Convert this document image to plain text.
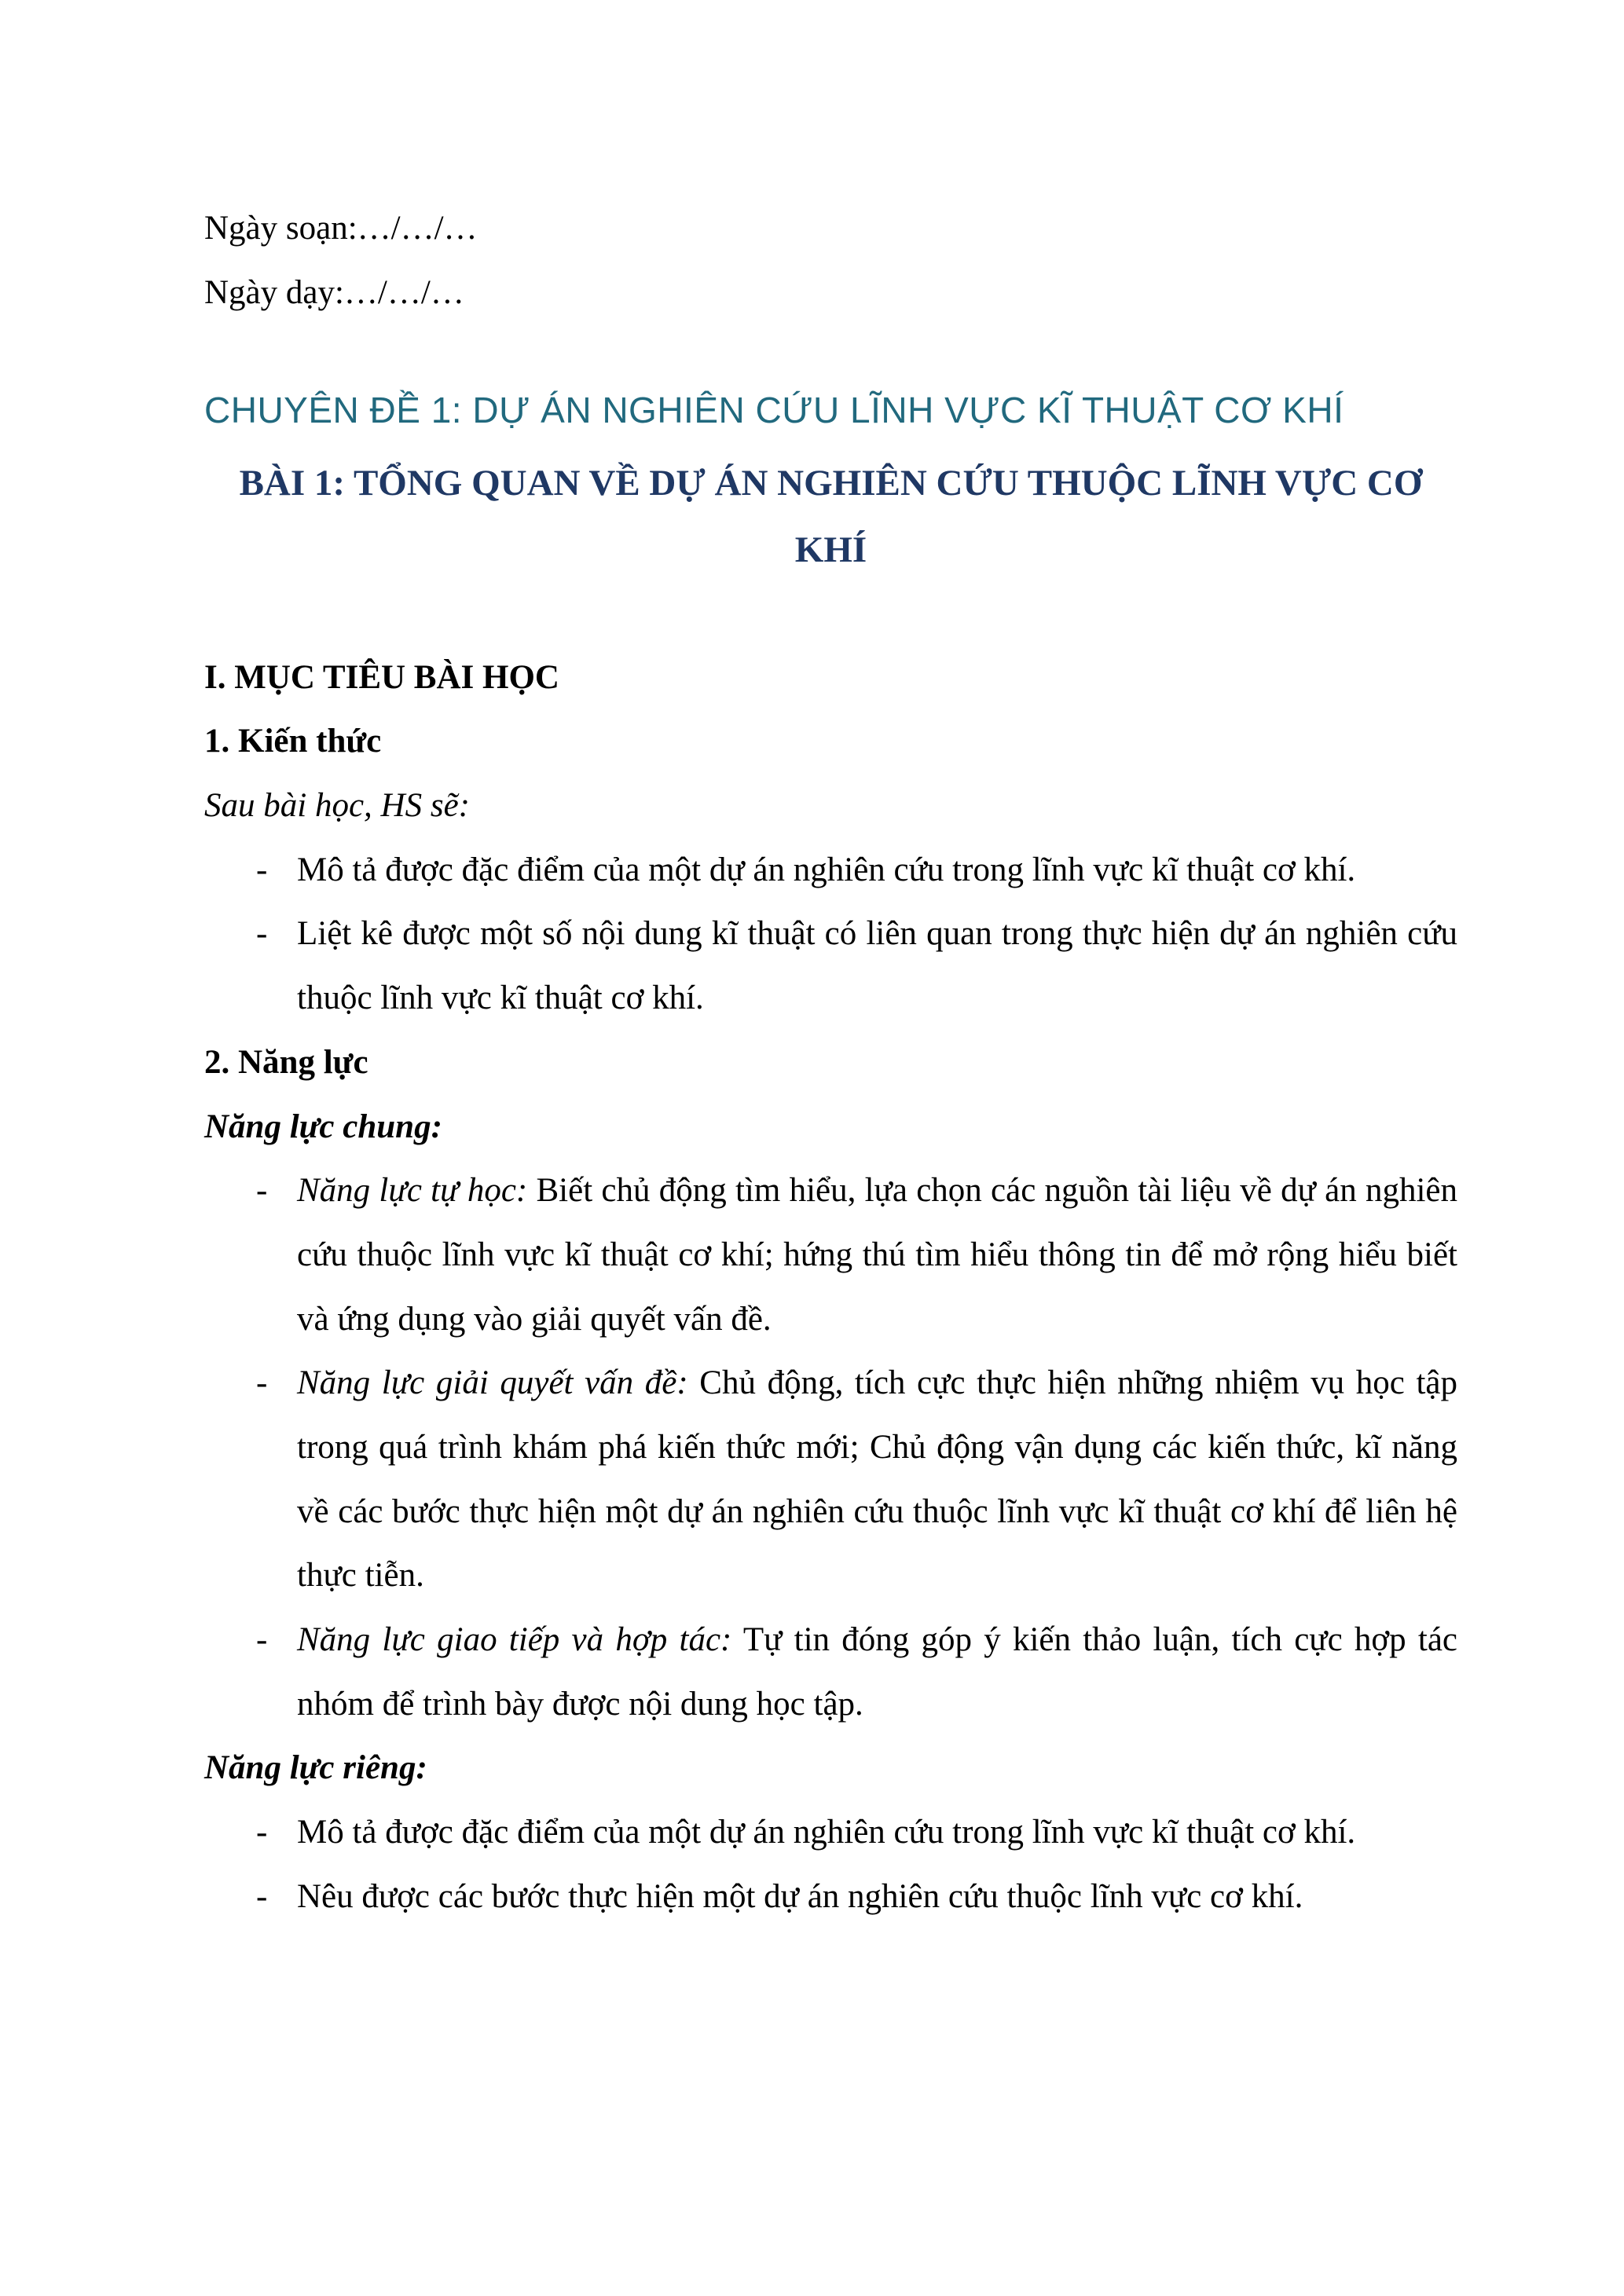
Ngày soạn:…/…/…

Ngày dạy:…/…/…

CHUYÊN ĐỀ 1: DỰ ÁN NGHIÊN CỨU LĨNH VỰC KĨ THUẬT CƠ KHÍ
BÀI 1: TỔNG QUAN VỀ DỰ ÁN NGHIÊN CỨU THUỘC LĨNH VỰC CƠ KHÍ

I. MỤC TIÊU BÀI HỌC

1. Kiến thức

Sau bài học, HS sẽ:

- Mô tả được đặc điểm của một dự án nghiên cứu trong lĩnh vực kĩ thuật cơ khí.
- Liệt kê được một số nội dung kĩ thuật có liên quan trong thực hiện dự án nghiên cứu thuộc lĩnh vực kĩ thuật cơ khí.

2. Năng lực

Năng lực chung:

- Năng lực tự học: Biết chủ động tìm hiểu, lựa chọn các nguồn tài liệu về dự án nghiên cứu thuộc lĩnh vực kĩ thuật cơ khí; hứng thú tìm hiểu thông tin để mở rộng hiểu biết và ứng dụng vào giải quyết vấn đề.
- Năng lực giải quyết vấn đề: Chủ động, tích cực thực hiện những nhiệm vụ học tập trong quá trình khám phá kiến thức mới; Chủ động vận dụng các kiến thức, kĩ năng về các bước thực hiện một dự án nghiên cứu thuộc lĩnh vực kĩ thuật cơ khí để liên hệ thực tiễn.
- Năng lực giao tiếp và hợp tác: Tự tin đóng góp ý kiến thảo luận, tích cực hợp tác nhóm để trình bày được nội dung học tập.

Năng lực riêng:

- Mô tả được đặc điểm của một dự án nghiên cứu trong lĩnh vực kĩ thuật cơ khí.
- Nêu được các bước thực hiện một dự án nghiên cứu thuộc lĩnh vực cơ khí.
